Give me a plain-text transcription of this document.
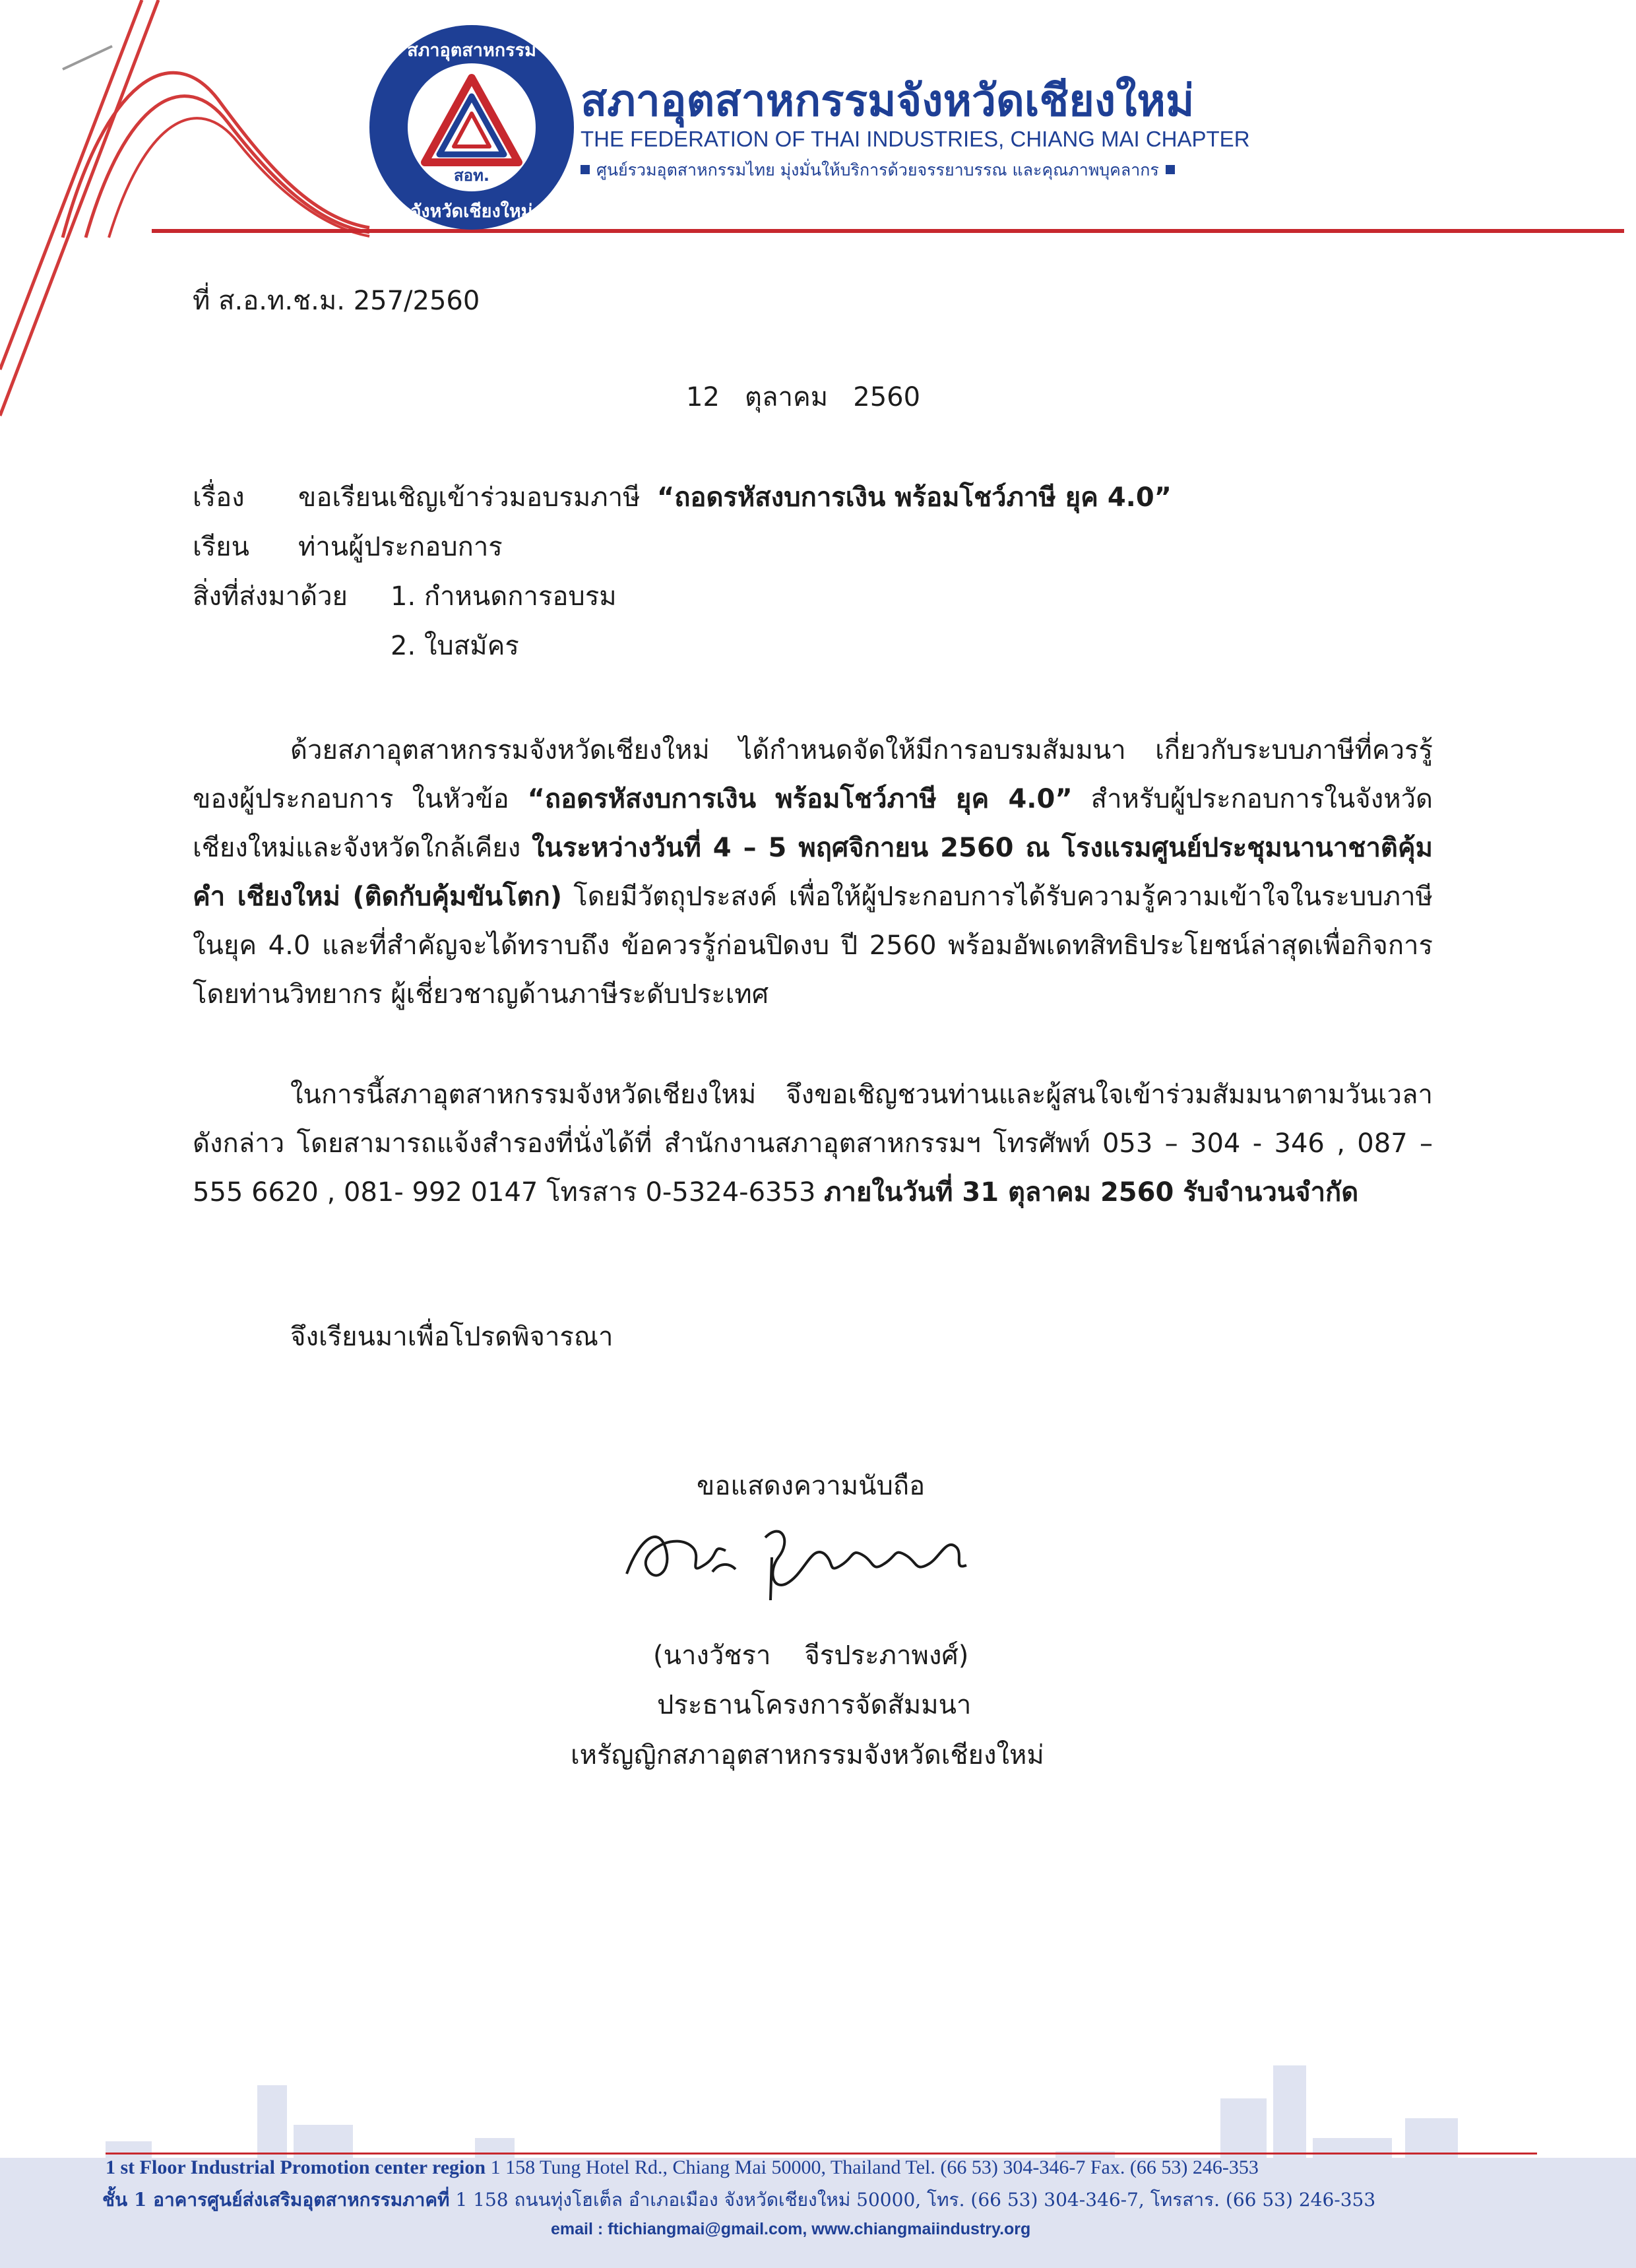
สภาอุตสาหกรรม
สอท.
จังหวัดเชียงใหม่
สภาอุตสาหกรรมจังหวัดเชียงใหม่
THE FEDERATION OF THAI INDUSTRIES, CHIANG MAI CHAPTER
ศูนย์รวมอุตสาหกรรมไทย มุ่งมั่นให้บริการด้วยจรรยาบรรณ และคุณภาพบุคลากร
ที่ ส.อ.ท.ช.ม. 257/2560
12   ตุลาคม   2560
เรื่อง ขอเรียนเชิญเข้าร่วมอบรมภาษี “ถอดรหัสงบการเงิน พร้อมโชว์ภาษี ยุค 4.0”
เรียน ท่านผู้ประกอบการ
สิ่งที่ส่งมาด้วย 1. กำหนดการอบรม
2. ใบสมัคร
ด้วยสภาอุตสาหกรรมจังหวัดเชียงใหม่ ได้กำหนดจัดให้มีการอบรมสัมมนา เกี่ยวกับระบบภาษีที่ควรรู้ของผู้ประกอบการ ในหัวข้อ “ถอดรหัสงบการเงิน พร้อมโชว์ภาษี ยุค 4.0” สำหรับผู้ประกอบการในจังหวัดเชียงใหม่และจังหวัดใกล้เคียง ในระหว่างวันที่ 4 – 5 พฤศจิกายน 2560 ณ โรงแรมศูนย์ประชุมนานาชาติคุ้มคำ เชียงใหม่ (ติดกับคุ้มขันโตก) โดยมีวัตถุประสงค์ เพื่อให้ผู้ประกอบการได้รับความรู้ความเข้าใจในระบบภาษีในยุค 4.0 และที่สำคัญจะได้ทราบถึง ข้อควรรู้ก่อนปิดงบ ปี 2560 พร้อมอัพเดทสิทธิประโยชน์ล่าสุดเพื่อกิจการ โดยท่านวิทยากร ผู้เชี่ยวชาญด้านภาษีระดับประเทศ
ในการนี้สภาอุตสาหกรรมจังหวัดเชียงใหม่ จึงขอเชิญชวนท่านและผู้สนใจเข้าร่วมสัมมนาตามวันเวลาดังกล่าว โดยสามารถแจ้งสำรองที่นั่งได้ที่ สำนักงานสภาอุตสาหกรรมฯ โทรศัพท์ 053 – 304 - 346 , 087 – 555 6620 , 081- 992 0147 โทรสาร 0-5324-6353 ภายในวันที่ 31 ตุลาคม 2560 รับจำนวนจำกัด
จึงเรียนมาเพื่อโปรดพิจารณา
ขอแสดงความนับถือ
(นางวัชรา    จีรประภาพงศ์)
ประธานโครงการจัดสัมมนา
เหรัญญิกสภาอุตสาหกรรมจังหวัดเชียงใหม่
1 st Floor Industrial Promotion center region 1 158 Tung Hotel Rd., Chiang Mai 50000, Thailand Tel. (66 53) 304-346-7 Fax. (66 53) 246-353
ชั้น 1 อาคารศูนย์ส่งเสริมอุตสาหกรรมภาคที่ 1 158 ถนนทุ่งโฮเต็ล อำเภอเมือง จังหวัดเชียงใหม่ 50000, โทร. (66 53) 304-346-7, โทรสาร. (66 53) 246-353
email : ftichiangmai@gmail.com, www.chiangmaiindustry.org
